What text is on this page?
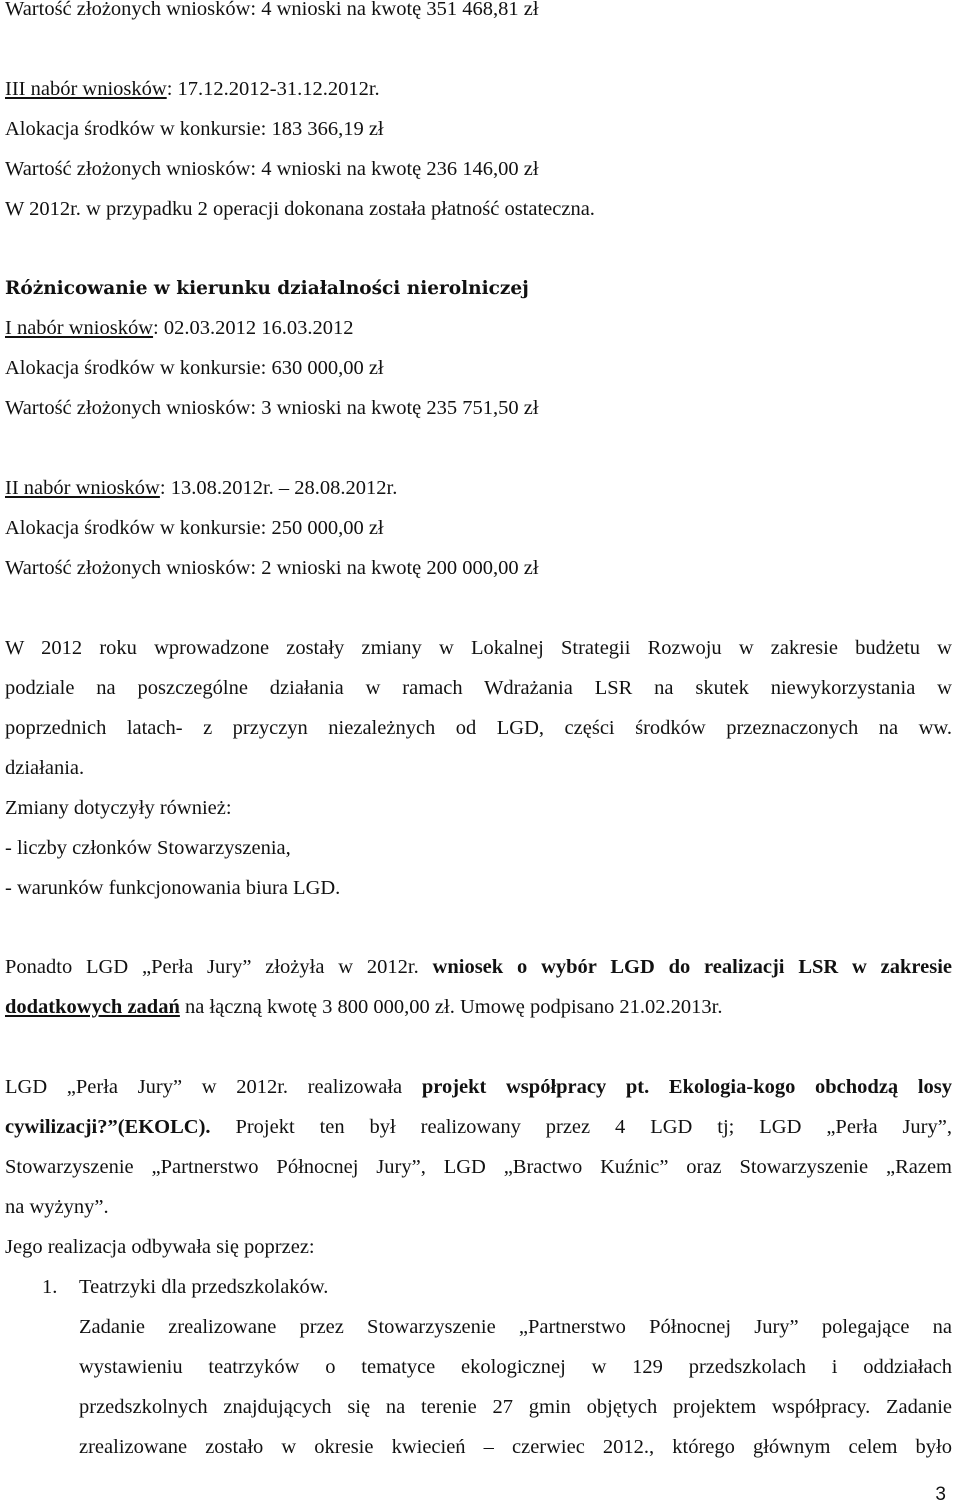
Wartość złożonych wniosków: 4 wnioski na kwotę 351 468,81 zł
III nabór wniosków: 17.12.2012-31.12.2012r.
Alokacja środków w konkursie: 183 366,19 zł
Wartość złożonych wniosków: 4 wnioski na kwotę 236 146,00 zł
W 2012r. w przypadku 2 operacji dokonana została płatność ostateczna.
Różnicowanie w kierunku działalności nierolniczej
I nabór wniosków: 02.03.2012 16.03.2012
Alokacja środków w konkursie: 630 000,00 zł
Wartość złożonych wniosków: 3 wnioski na kwotę 235 751,50 zł
II nabór wniosków: 13.08.2012r. – 28.08.2012r.
Alokacja środków w konkursie: 250 000,00 zł
Wartość złożonych wniosków: 2 wnioski na kwotę 200 000,00 zł
W 2012 roku wprowadzone zostały zmiany w Lokalnej Strategii Rozwoju w zakresie budżetu w
podziale na poszczególne działania w ramach Wdrażania LSR na skutek niewykorzystania w
poprzednich latach- z przyczyn niezależnych od LGD, części środków przeznaczonych na ww.
działania.
Zmiany dotyczyły również:
- liczby członków Stowarzyszenia,
- warunków funkcjonowania biura LGD.
Ponadto LGD „Perła Jury” złożyła w 2012r. wniosek o wybór LGD do realizacji LSR w zakresie
dodatkowych zadań na łączną kwotę 3 800 000,00 zł. Umowę podpisano 21.02.2013r.
LGD „Perła Jury” w 2012r. realizowała projekt współpracy pt. Ekologia-kogo obchodzą losy
cywilizacji?”(EKOLC). Projekt ten był realizowany przez 4 LGD tj; LGD „Perła Jury”,
Stowarzyszenie „Partnerstwo Północnej Jury”, LGD „Bractwo Kuźnic” oraz Stowarzyszenie „Razem
na wyżyny”.
Jego realizacja odbywała się poprzez:
1. Teatrzyki dla przedszkolaków.
Zadanie zrealizowane przez Stowarzyszenie „Partnerstwo Północnej Jury” polegające na
wystawieniu teatrzyków o tematyce ekologicznej w 129 przedszkolach i oddziałach
przedszkolnych znajdujących się na terenie 27 gmin objętych projektem współpracy. Zadanie
zrealizowane zostało w okresie kwiecień – czerwiec 2012., którego głównym celem było
3
